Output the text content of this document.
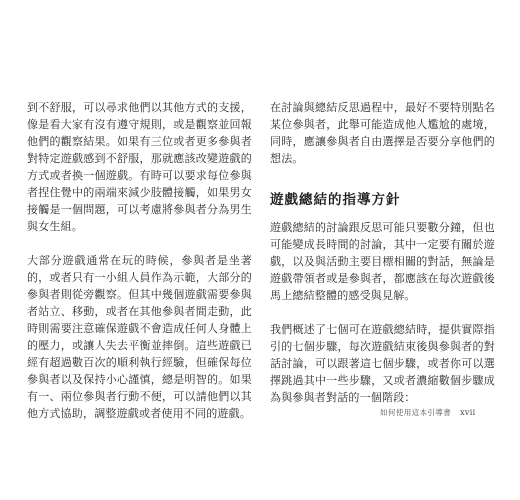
到不舒服，可以尋求他們以其他方式的支援，像是看大家有沒有遵守規則，或是觀察並回報他們的觀察結果。如果有三位或者更多參與者對特定遊戲感到不舒服，那就應該改變遊戲的方式或者換一個遊戲。有時可以要求每位參與者捏住覺中的兩端來減少肢體接觸，如果男女接觸是一個問題，可以考慮將參與者分為男生與女生組。

大部分遊戲通常在玩的時候，參與者是坐著的，或者只有一小組人員作為示範，大部分的參與者則從旁觀察。但其中幾個遊戲需要參與者站立、移動，或者在其他參與者間走動，此時則需要注意確保遊戲不會造成任何人身體上的壓力，或讓人失去平衡並摔倒。這些遊戲已經有超過數百次的順利執行經驗，但確保每位參與者以及保持小心謹慎，總是明智的。如果有一、兩位參與者行動不便，可以請他們以其他方式協助，調整遊戲或者使用不同的遊戲。

在討論與總結反思過程中，最好不要特別點名某位參與者，此舉可能造成他人尷尬的處境，同時，應讓參與者自由選擇是否要分享他們的想法。

遊戲總結的指導方針

遊戲總結的討論跟反思可能只要數分鐘，但也可能變成長時間的討論，其中一定要有關於遊戲，以及與活動主要目標相關的對話，無論是遊戲帶領者或是參與者，都應該在每次遊戲後馬上總結整體的感受與見解。

我們概述了七個可在遊戲總結時，提供實際指引的七個步驟，每次遊戲結束後與參與者的對話討論，可以跟著這七個步驟，或者你可以選擇跳過其中一些步驟，又或者濃縮數個步驟成為與參與者對話的一個階段：

如何使用這本引導書 xvii
